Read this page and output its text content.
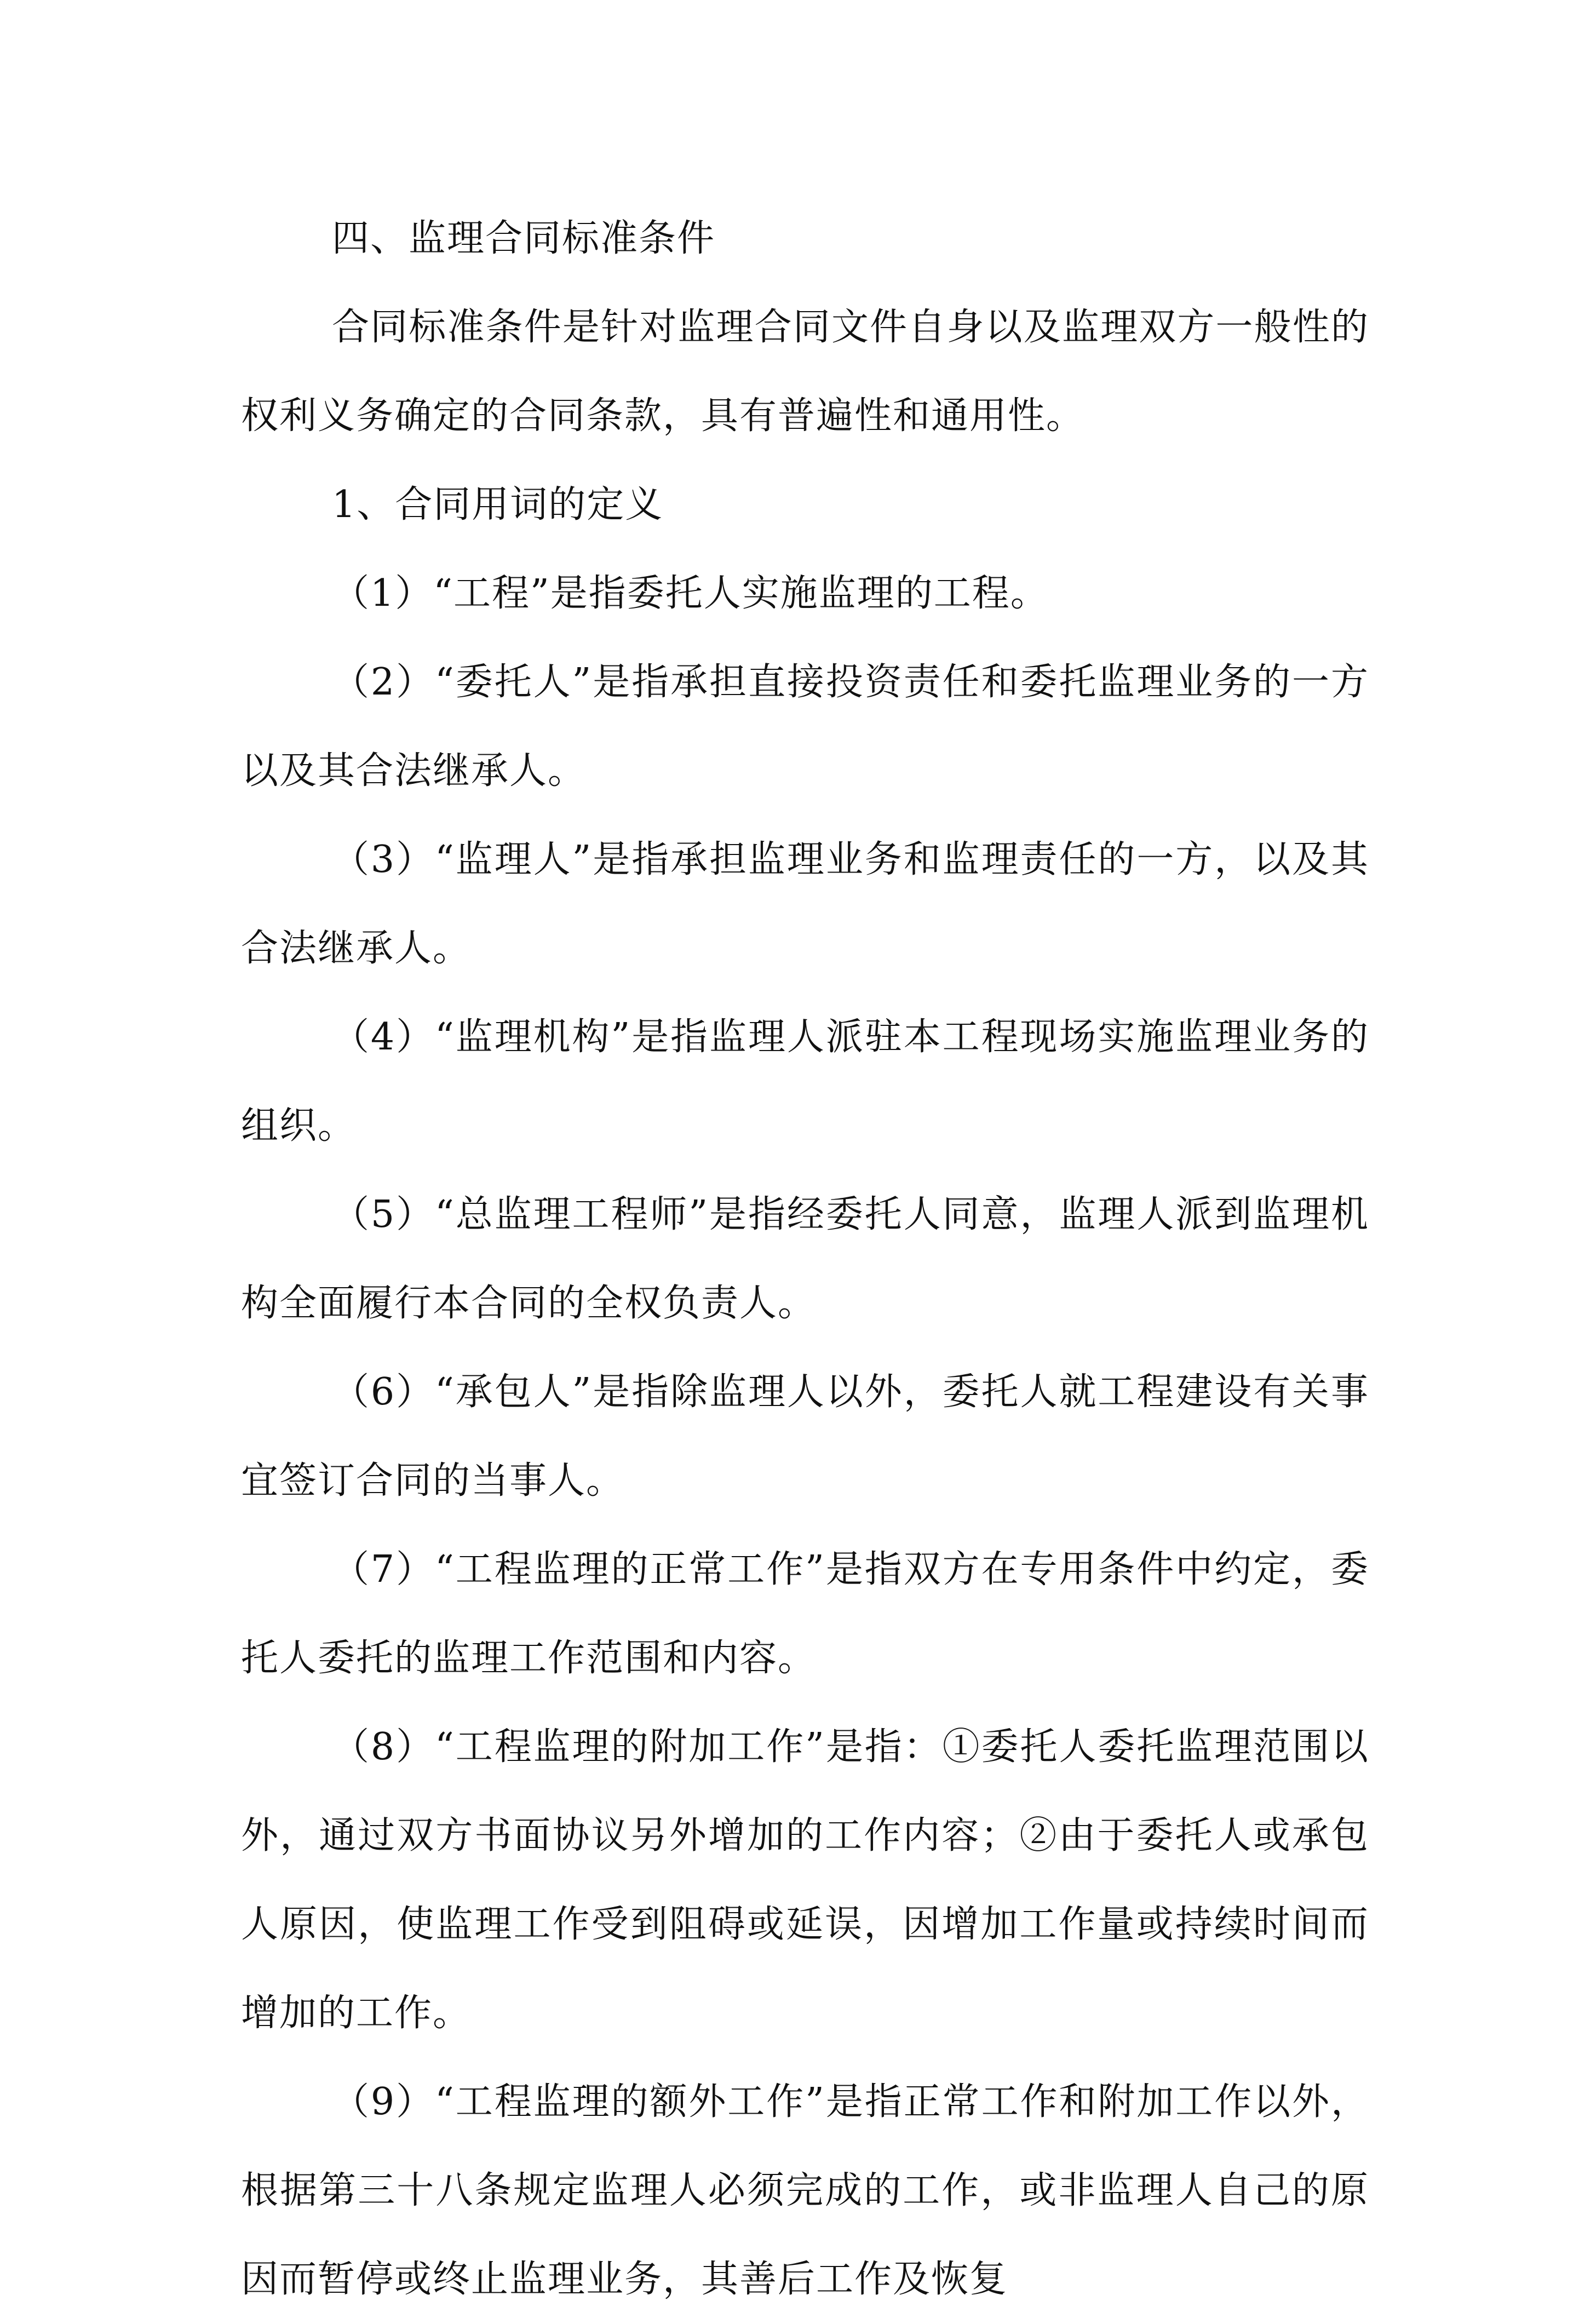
四、监理合同标准条件

合同标准条件是针对监理合同文件自身以及监理双方一般性的权利义务确定的合同条款，具有普遍性和通用性。

1、合同用词的定义

（1）“工程”是指委托人实施监理的工程。

（2）“委托人”是指承担直接投资责任和委托监理业务的一方以及其合法继承人。

（3）“监理人”是指承担监理业务和监理责任的一方，以及其合法继承人。

（4）“监理机构”是指监理人派驻本工程现场实施监理业务的组织。

（5）“总监理工程师”是指经委托人同意，监理人派到监理机构全面履行本合同的全权负责人。

（6）“承包人”是指除监理人以外，委托人就工程建设有关事宜签订合同的当事人。

（7）“工程监理的正常工作”是指双方在专用条件中约定，委托人委托的监理工作范围和内容。

（8）“工程监理的附加工作”是指：①委托人委托监理范围以外，通过双方书面协议另外增加的工作内容；②由于委托人或承包人原因，使监理工作受到阻碍或延误，因增加工作量或持续时间而增加的工作。

（9）“工程监理的额外工作”是指正常工作和附加工作以外，根据第三十八条规定监理人必须完成的工作，或非监理人自己的原因而暂停或终止监理业务，其善后工作及恢复
